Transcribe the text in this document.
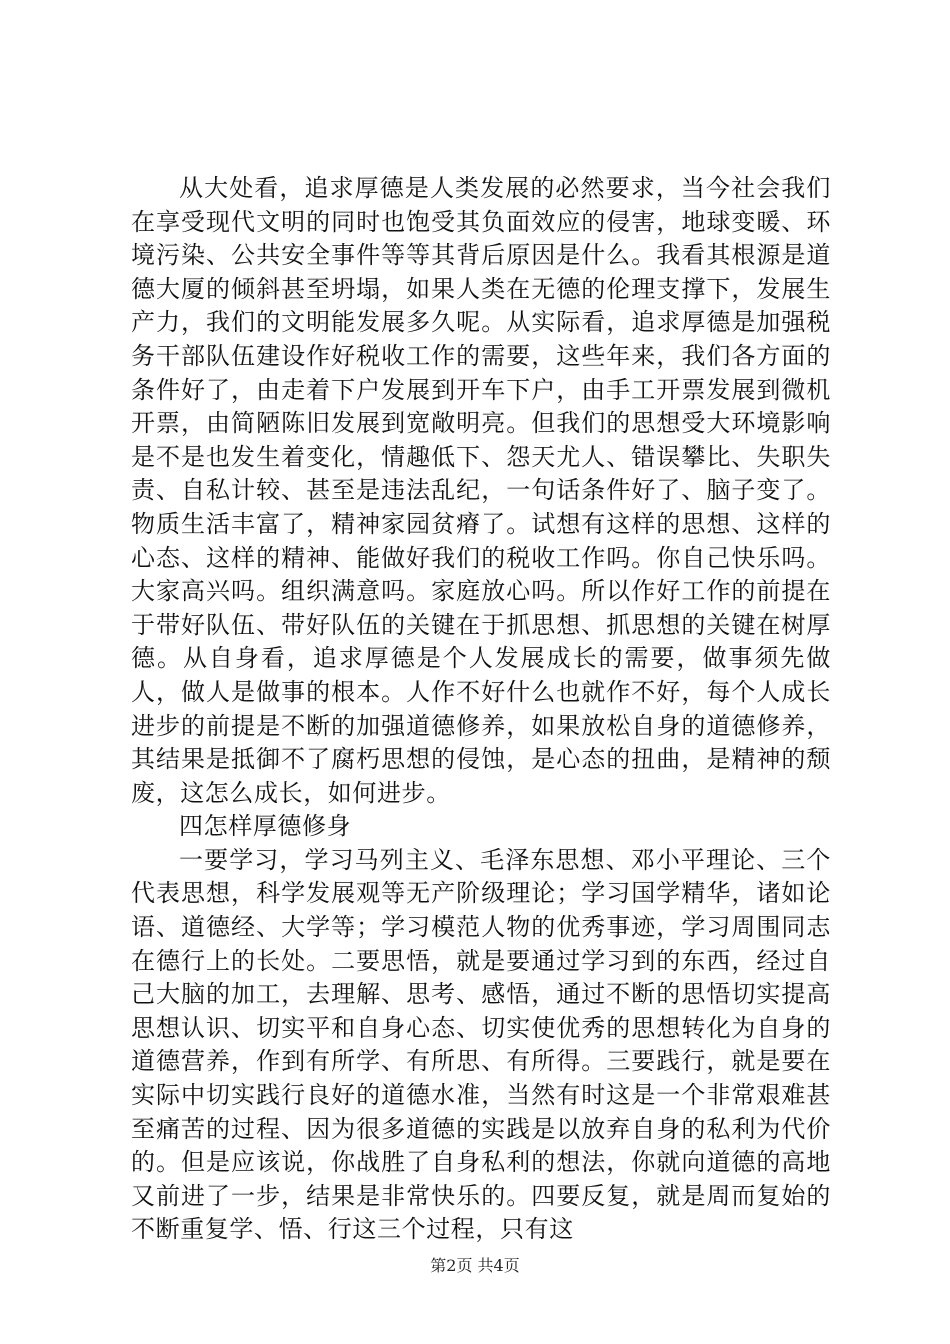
从大处看，追求厚德是人类发展的必然要求，当今社会我们在享受现代文明的同时也饱受其负面效应的侵害，地球变暖、环境污染、公共安全事件等等其背后原因是什么。我看其根源是道德大厦的倾斜甚至坍塌，如果人类在无德的伦理支撑下，发展生产力，我们的文明能发展多久呢。从实际看，追求厚德是加强税务干部队伍建设作好税收工作的需要，这些年来，我们各方面的条件好了，由走着下户发展到开车下户，由手工开票发展到微机开票，由简陋陈旧发展到宽敞明亮。但我们的思想受大环境影响是不是也发生着变化，情趣低下、怨天尤人、错误攀比、失职失责、自私计较、甚至是违法乱纪，一句话条件好了、脑子变了。物质生活丰富了，精神家园贫瘠了。试想有这样的思想、这样的心态、这样的精神、能做好我们的税收工作吗。你自己快乐吗。大家高兴吗。组织满意吗。家庭放心吗。所以作好工作的前提在于带好队伍、带好队伍的关键在于抓思想、抓思想的关键在树厚德。从自身看，追求厚德是个人发展成长的需要，做事须先做人，做人是做事的根本。人作不好什么也就作不好，每个人成长进步的前提是不断的加强道德修养，如果放松自身的道德修养，其结果是抵御不了腐朽思想的侵蚀，是心态的扭曲，是精神的颓废，这怎么成长，如何进步。

四怎样厚德修身

一要学习，学习马列主义、毛泽东思想、邓小平理论、三个代表思想，科学发展观等无产阶级理论；学习国学精华，诸如论语、道德经、大学等；学习模范人物的优秀事迹，学习周围同志在德行上的长处。二要思悟，就是要通过学习到的东西，经过自己大脑的加工，去理解、思考、感悟，通过不断的思悟切实提高思想认识、切实平和自身心态、切实使优秀的思想转化为自身的道德营养，作到有所学、有所思、有所得。三要践行，就是要在实际中切实践行良好的道德水准，当然有时这是一个非常艰难甚至痛苦的过程、因为很多道德的实践是以放弃自身的私利为代价的。但是应该说，你战胜了自身私利的想法，你就向道德的高地又前进了一步，结果是非常快乐的。四要反复，就是周而复始的不断重复学、悟、行这三个过程，只有这

第2页 共4页
